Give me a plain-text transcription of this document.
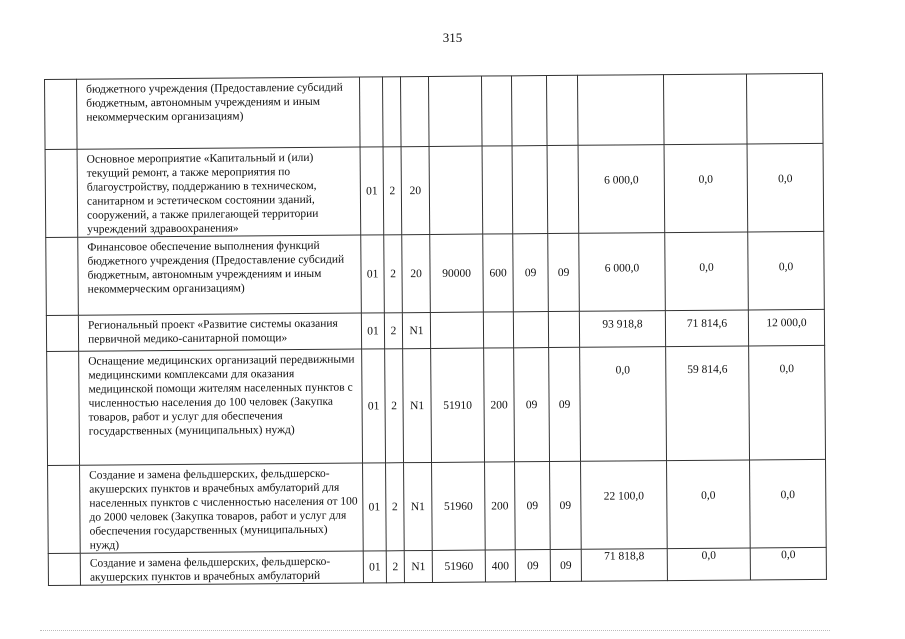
315
	бюджетного учреждения (Предоставление субсидий бюджетным, автономным учреждениям и иным некоммерческим организациям)										
	Основное мероприятие «Капитальный и (или) текущий ремонт, а также мероприятия по благоустройству, поддержанию в техническом, санитарном и эстетическом состоянии зданий, сооружений, а также прилегающей территории учреждений здравоохранения»	01	2	20					6 000,0	0,0	0,0
	Финансовое обеспечение выполнения функций бюджетного учреждения (Предоставление субсидий бюджетным, автономным учреждениям и иным некоммерческим организациям)	01	2	20	90000	600	09	09	6 000,0	0,0	0,0
	Региональный проект «Развитие системы оказания первичной медико-санитарной помощи»	01	2	N1					93 918,8	71 814,6	12 000,0
	Оснащение медицинских организаций передвижными медицинскими комплексами для оказания медицинской помощи жителям населенных пунктов с численностью населения до 100 человек (Закупка товаров, работ и услуг для обеспечения государственных (муниципальных) нужд)	01	2	N1	51910	200	09	09	0,0	59 814,6	0,0
	Создание и замена фельдшерских, фельдшерско-акушерских пунктов и врачебных амбулаторий для населенных пунктов с численностью населения от 100 до 2000 человек (Закупка товаров, работ и услуг для обеспечения государственных (муниципальных) нужд)	01	2	N1	51960	200	09	09	22 100,0	0,0	0,0
	Создание и замена фельдшерских, фельдшерско-акушерских пунктов и врачебных амбулаторий	01	2	N1	51960	400	09	09	71 818,8	0,0	0,0
